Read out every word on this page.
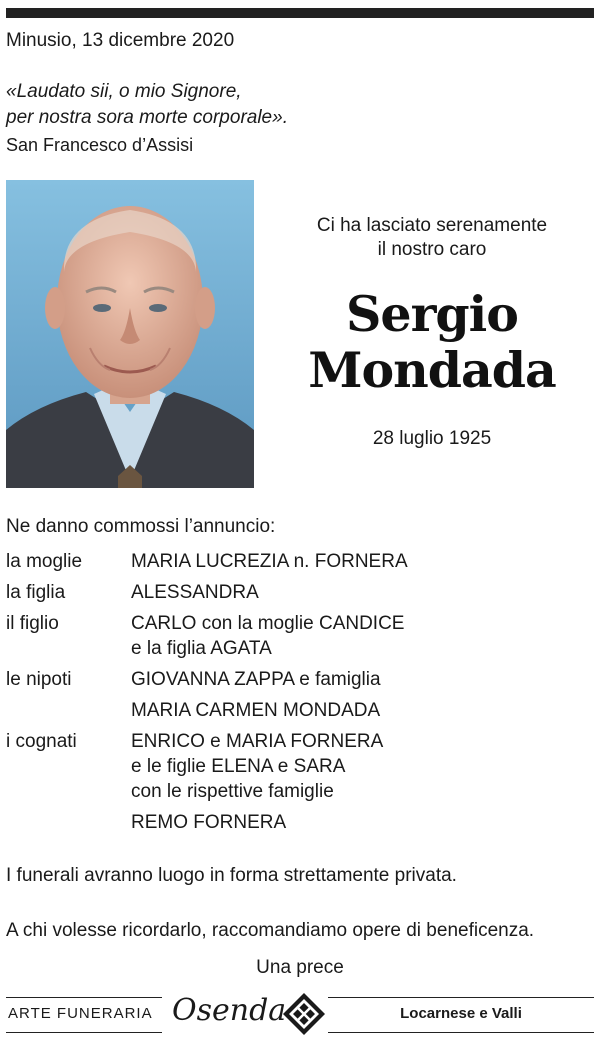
Minusio, 13 dicembre 2020
«Laudato sii, o mio Signore,
per nostra sora morte corporale».
San Francesco d’Assisi
Ci ha lasciato serenamente
il nostro caro
Sergio
Mondada
28 luglio 1925
Ne danno commossi l’annuncio:
la moglie	MARIA LUCREZIA n. FORNERA
la figlia	ALESSANDRA
il figlio	CARLO con la moglie CANDICE
e la figlia AGATA
le nipoti	GIOVANNA ZAPPA e famiglia
MARIA CARMEN MONDADA
i cognati	ENRICO e MARIA FORNERA
e le figlie ELENA e SARA
con le rispettive famiglie
REMO FORNERA
I funerali avranno luogo in forma strettamente privata.
A chi volesse ricordarlo, raccomandiamo opere di beneficenza.
Una prece
ARTE FUNERARIA Osenda	Locarnese e Valli
